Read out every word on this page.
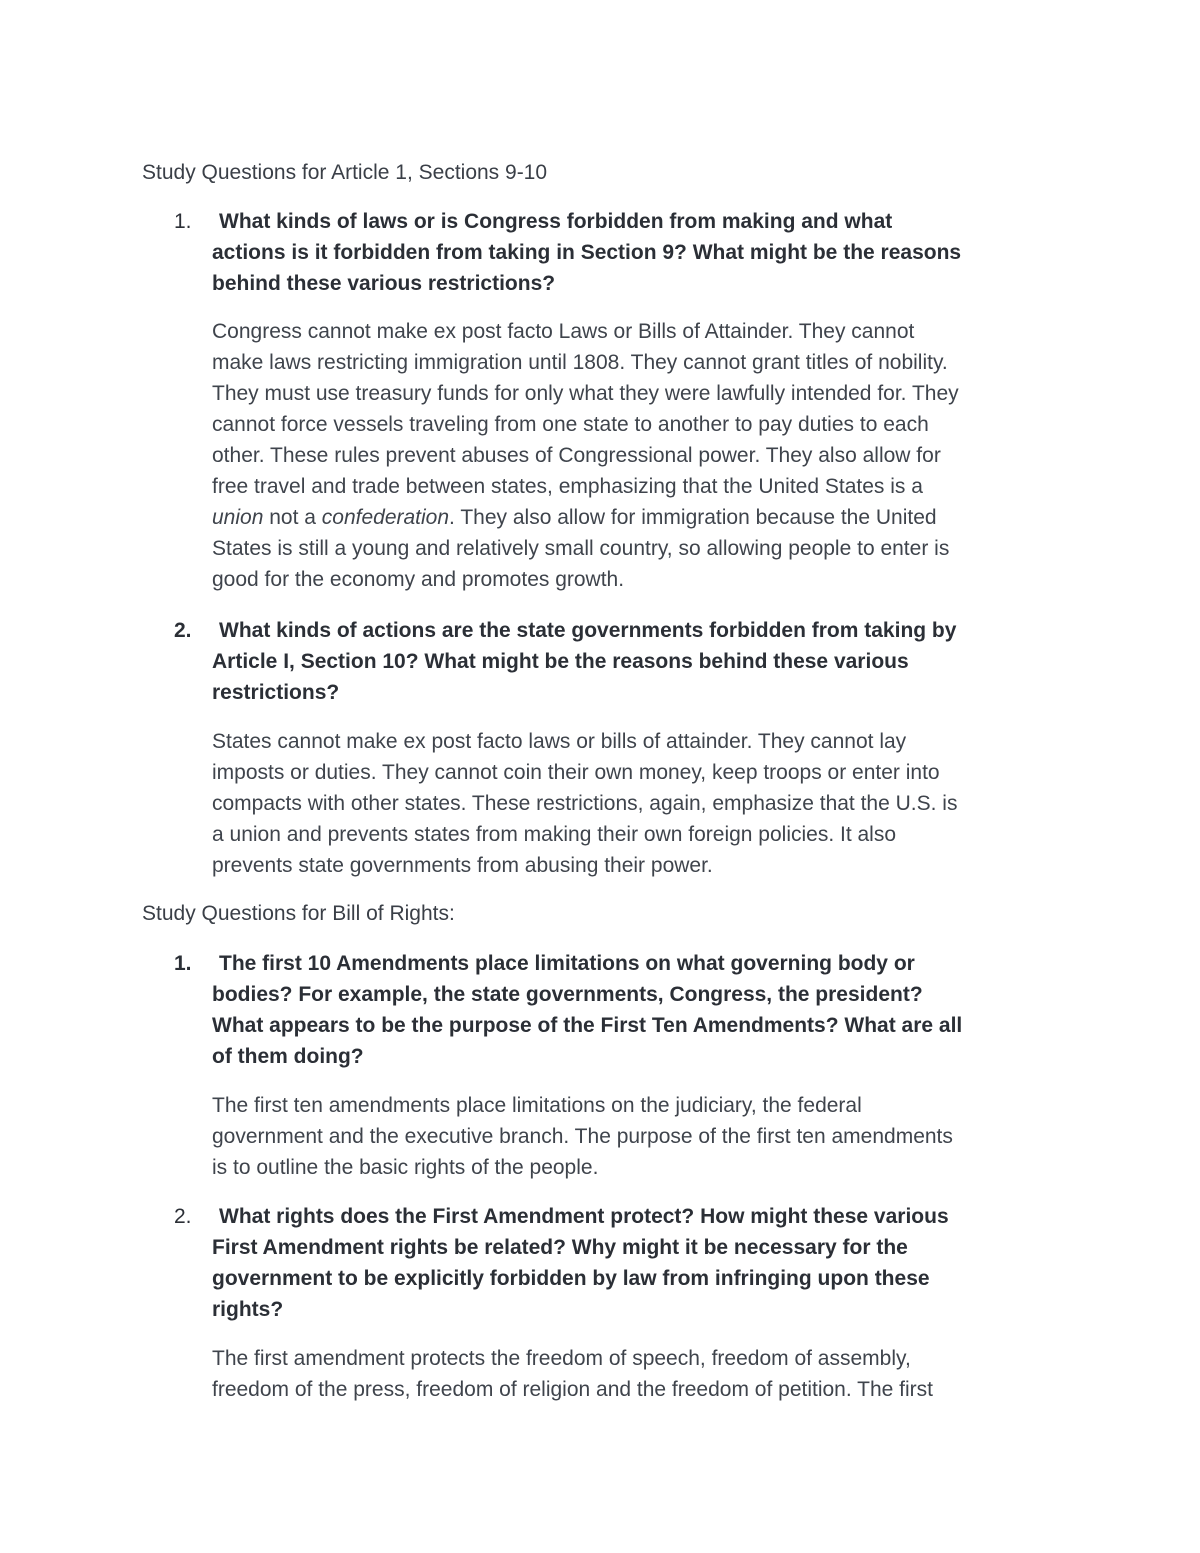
Study Questions for Article 1, Sections 9-10
1.	What kinds of laws or is Congress forbidden from making and what
actions is it forbidden from taking in Section 9? What might be the reasons
behind these various restrictions?
Congress cannot make ex post facto Laws or Bills of Attainder. They cannot
make laws restricting immigration until 1808. They cannot grant titles of nobility.
They must use treasury funds for only what they were lawfully intended for. They
cannot force vessels traveling from one state to another to pay duties to each
other. These rules prevent abuses of Congressional power. They also allow for
free travel and trade between states, emphasizing that the United States is a
union not a confederation. They also allow for immigration because the United
States is still a young and relatively small country, so allowing people to enter is
good for the economy and promotes growth.
2.	What kinds of actions are the state governments forbidden from taking by
Article I, Section 10? What might be the reasons behind these various
restrictions?
States cannot make ex post facto laws or bills of attainder. They cannot lay
imposts or duties. They cannot coin their own money, keep troops or enter into
compacts with other states. These restrictions, again, emphasize that the U.S. is
a union and prevents states from making their own foreign policies. It also
prevents state governments from abusing their power.
Study Questions for Bill of Rights:
1.	The first 10 Amendments place limitations on what governing body or
bodies? For example, the state governments, Congress, the president?
What appears to be the purpose of the First Ten Amendments? What are all
of them doing?
The first ten amendments place limitations on the judiciary, the federal
government and the executive branch. The purpose of the first ten amendments
is to outline the basic rights of the people.
2.	What rights does the First Amendment protect? How might these various
First Amendment rights be related? Why might it be necessary for the
government to be explicitly forbidden by law from infringing upon these
rights?
The first amendment protects the freedom of speech, freedom of assembly,
freedom of the press, freedom of religion and the freedom of petition. The first
